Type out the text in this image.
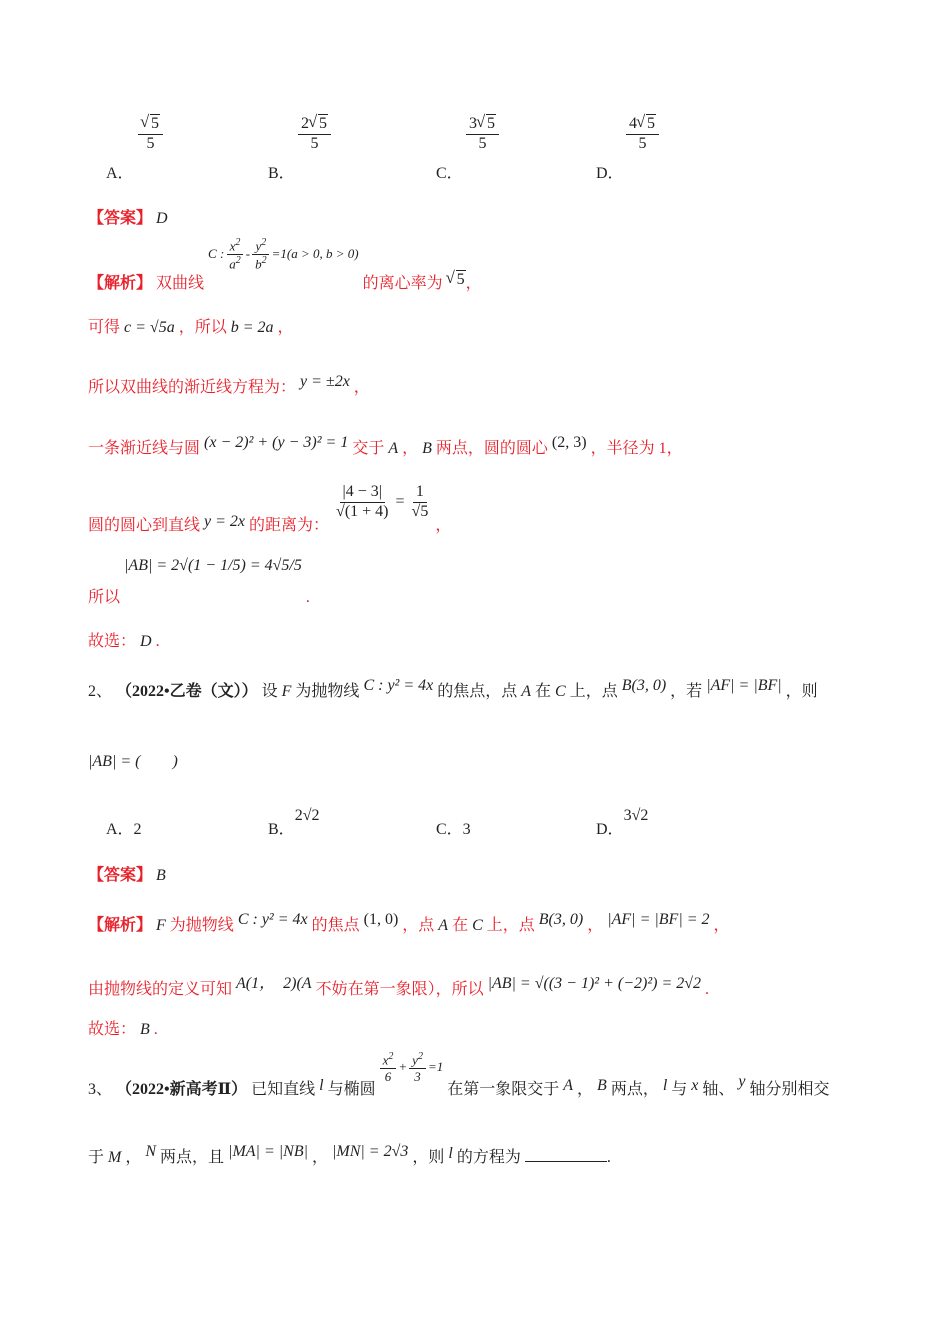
√ $\frac{5}{5}$
A．
$\frac{2 √ 5}{5}$
B．
$\frac{3 √ 5}{5}$
C．
$\frac{4 √ 5}{5}$
D．
【答案】 D
【解析】 双曲线
C : $\frac{x^2}{a^2} - \frac{y^2}{b^2} =1(a > 0$, b > 0)
的离心率为 √ 5，
可得 c = √5a ，所以 b = 2a ，
所以双曲线的渐近线方程为： y = ±2x ，
一条渐近线与圆 (x − 2)² + (y − 3)² = 1 交于 A ， B 两点，圆的圆心 (2, 3) ，半径为 1，
圆的圆心到直线 y = 2x 的距离为：
$\frac{|4 - 3|}{√(1 + 4)} = \frac{1}{√5}$
，
所以 |AB| = 2√(1 − 1/5) = 4√5/5 .
故选： D .
2、 （2022•乙卷（文）） 设 F 为抛物线 C : y² = 4x 的焦点，点 A 在 C 上，点 B(3, 0) ，若 |AF| = |BF| ，则
|AB| = (　　)
A．2	B．2√2
C．3	D．3√2
【答案】 B
【解析】 F 为抛物线 C : y² = 4x 的焦点 (1, 0) ，点 A 在 C 上，点 B(3, 0) ， |AF| = |BF| = 2 ，
由抛物线的定义可知 A(1，　2)(A 不妨在第一象限），所以 |AB| = √((3 − 1)² + (−2)²) = 2√2 .
故选： B .
3、 （2022•新高考Ⅱ） 已知直线 l 与椭圆
$\frac{x^2}{6} + \frac{y^2}{3} =1$
在第一象限交于 A ， B 两点， l 与 x 轴、 y 轴分别相交
于 M ， N 两点，且 |MA| = |NB| ， |MN| = 2√3 ，则 l 的方程为	.
